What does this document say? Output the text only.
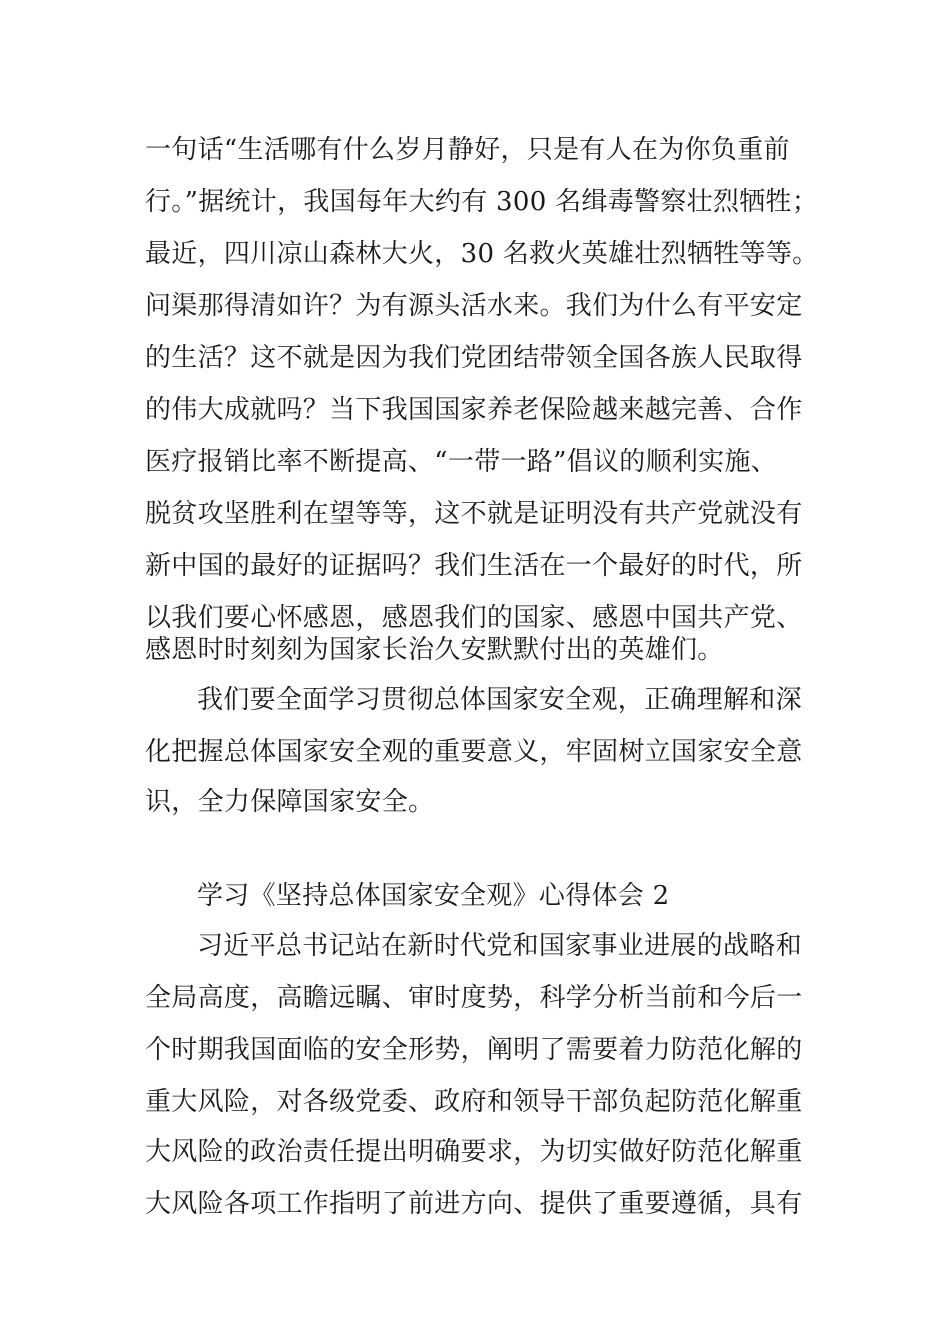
一句话“生活哪有什么岁月静好，只是有人在为你负重前
行。”据统计，我国每年大约有 300 名缉毒警察壮烈牺牲；
最近，四川凉山森林大火，30 名救火英雄壮烈牺牲等等。
问渠那得清如许？为有源头活水来。我们为什么有平安定
的生活？这不就是因为我们党团结带领全国各族人民取得
的伟大成就吗？当下我国国家养老保险越来越完善、合作
医疗报销比率不断提高、“一带一路”倡议的顺利实施、
脱贫攻坚胜利在望等等，这不就是证明没有共产党就没有
新中国的最好的证据吗？我们生活在一个最好的时代，所
以我们要心怀感恩，感恩我们的国家、感恩中国共产党、
感恩时时刻刻为国家长治久安默默付出的英雄们。
我们要全面学习贯彻总体国家安全观，正确理解和深
化把握总体国家安全观的重要意义，牢固树立国家安全意
识，全力保障国家安全。
学习《坚持总体国家安全观》心得体会 2
习近平总书记站在新时代党和国家事业进展的战略和
全局高度，高瞻远瞩、审时度势，科学分析当前和今后一
个时期我国面临的安全形势，阐明了需要着力防范化解的
重大风险，对各级党委、政府和领导干部负起防范化解重
大风险的政治责任提出明确要求，为切实做好防范化解重
大风险各项工作指明了前进方向、提供了重要遵循，具有
